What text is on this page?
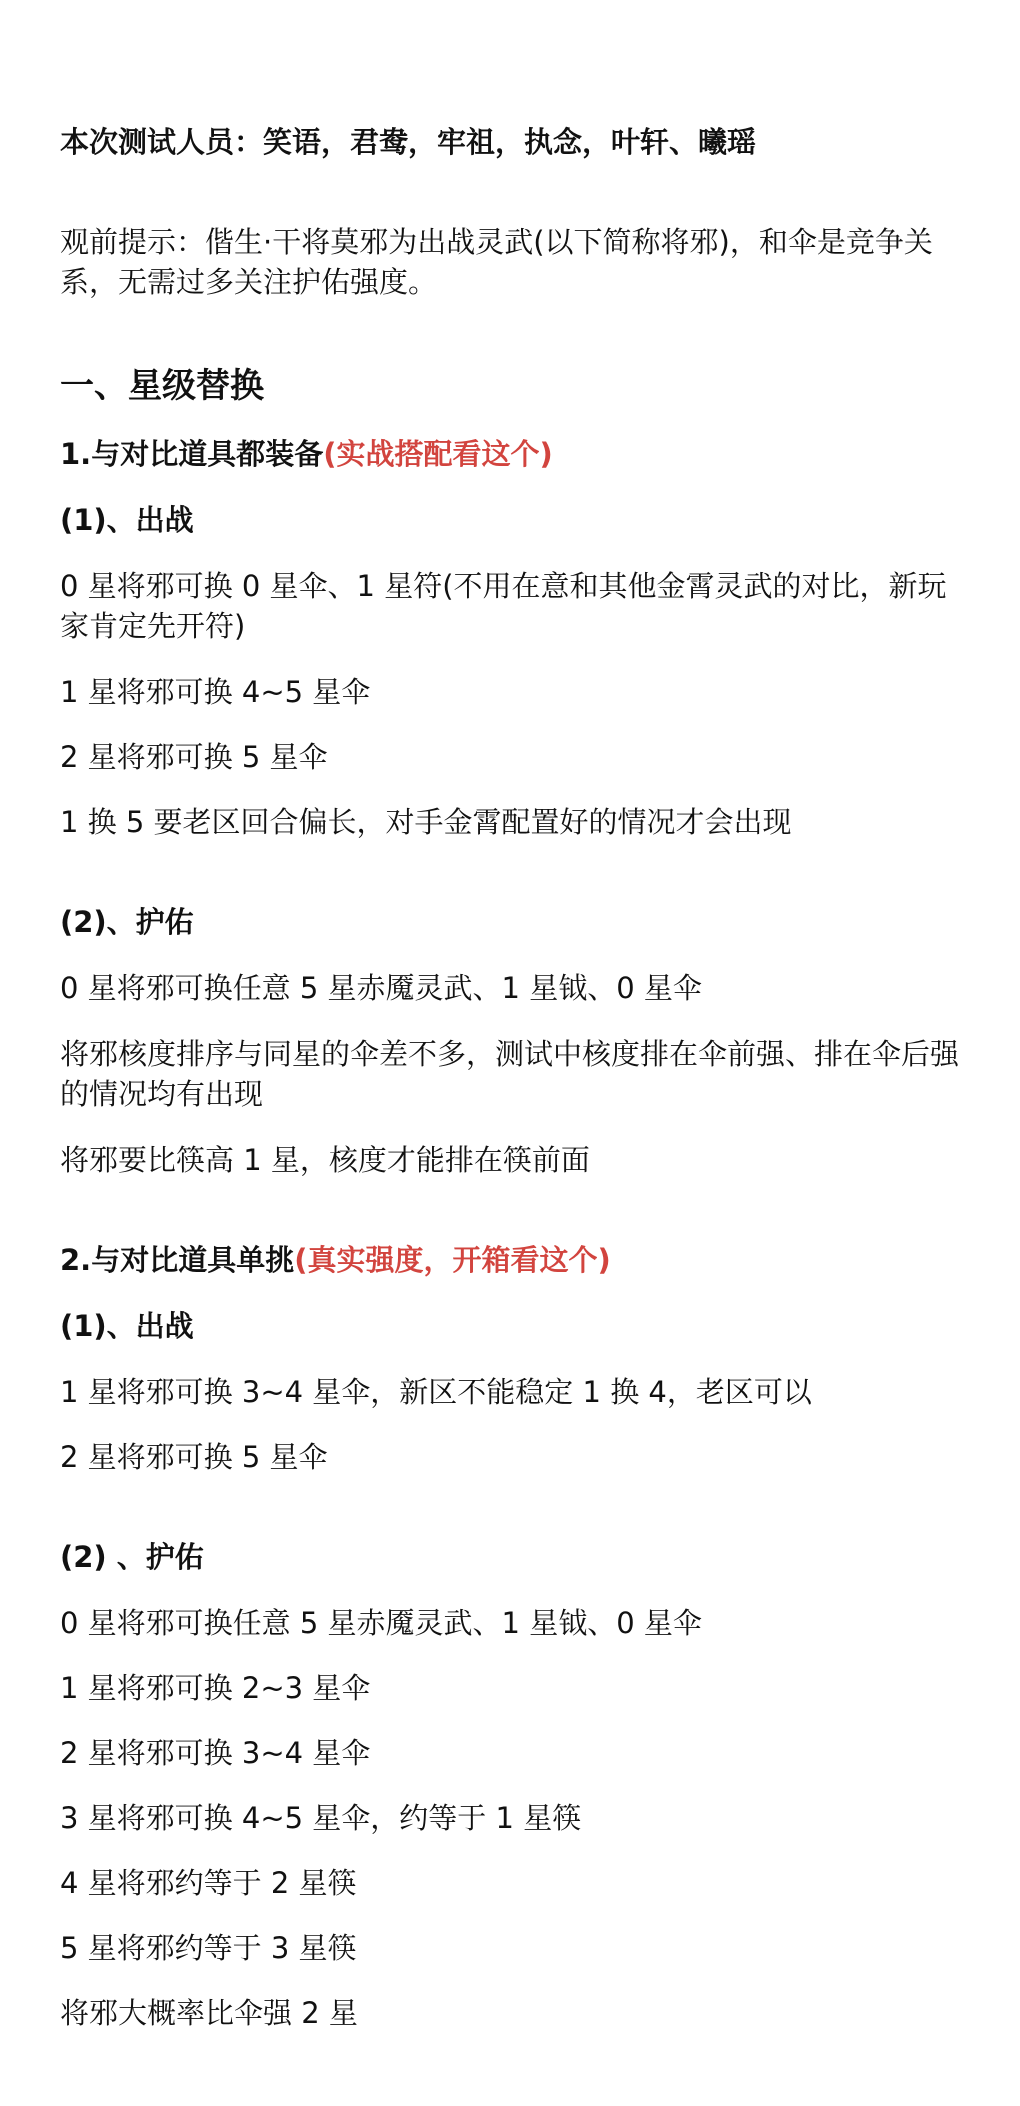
本次测试人员：笑语，君鸯，牢祖，执念，叶轩、曦瑶
观前提示：偕生·干将莫邪为出战灵武(以下简称将邪)，和伞是竞争关系，无需过多关注护佑强度。
一、星级替换
1.与对比道具都装备(实战搭配看这个)
(1)、出战
0 星将邪可换 0 星伞、1 星符(不用在意和其他金霄灵武的对比，新玩家肯定先开符)
1 星将邪可换 4~5 星伞
2 星将邪可换 5 星伞
1 换 5 要老区回合偏长，对手金霄配置好的情况才会出现
(2)、护佑
0 星将邪可换任意 5 星赤魇灵武、1 星钺、0 星伞
将邪核度排序与同星的伞差不多，测试中核度排在伞前强、排在伞后强的情况均有出现
将邪要比筷高 1 星，核度才能排在筷前面
2.与对比道具单挑(真实强度，开箱看这个)
(1)、出战
1 星将邪可换 3~4 星伞，新区不能稳定 1 换 4，老区可以
2 星将邪可换 5 星伞
(2) 、护佑
0 星将邪可换任意 5 星赤魇灵武、1 星钺、0 星伞
1 星将邪可换 2~3 星伞
2 星将邪可换 3~4 星伞
3 星将邪可换 4~5 星伞，约等于 1 星筷
4 星将邪约等于 2 星筷
5 星将邪约等于 3 星筷
将邪大概率比伞强 2 星
